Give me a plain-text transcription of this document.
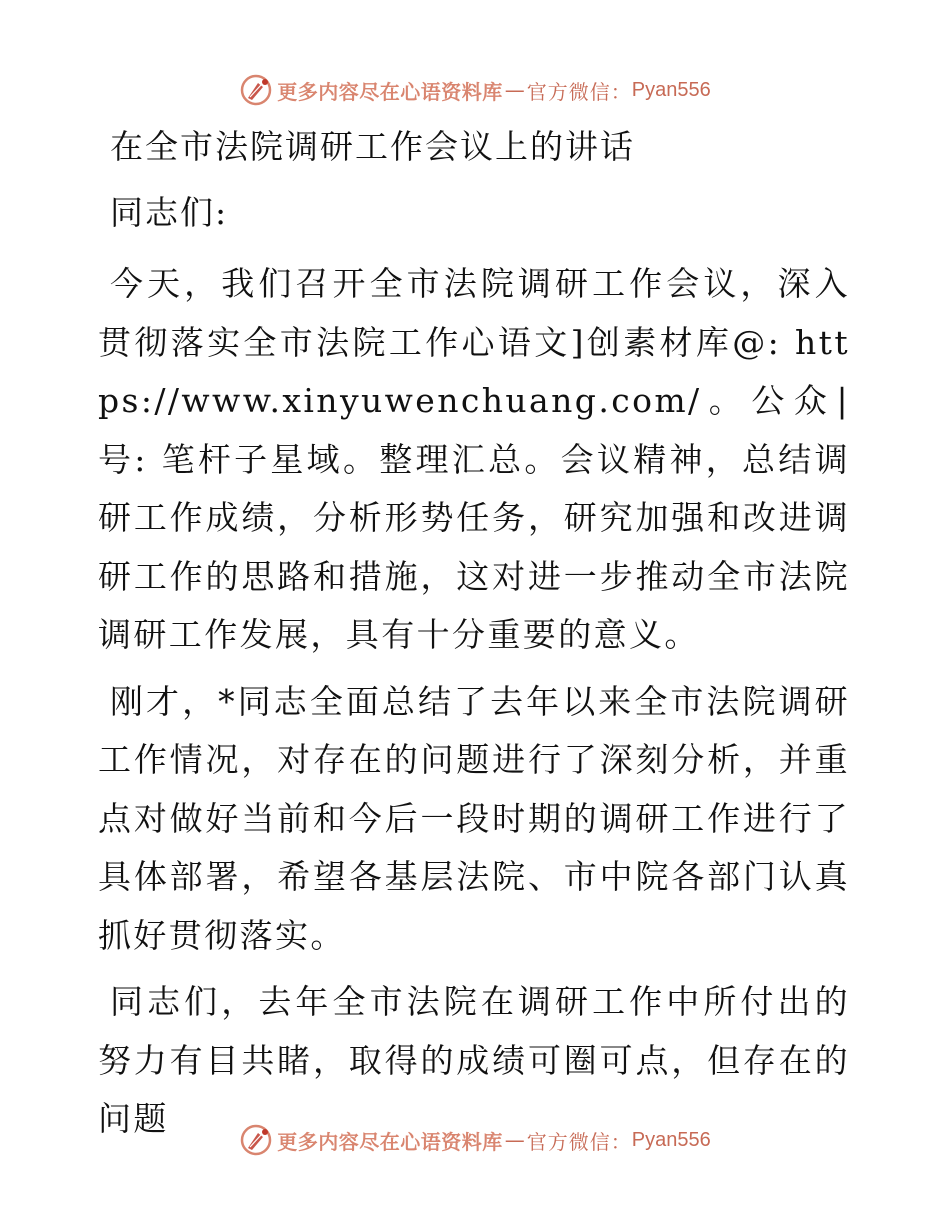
更多内容尽在心语资料库 — 官方微信： Pyan556
在全市法院调研工作会议上的讲话
同志们:

今天，我们召开全市法院调研工作会议，深入贯彻落实全市法院工作心语文]创素材库@: https://www.xinyuwenchuang.com/。公众|号: 笔杆子星域。整理汇总。会议精神，总结调研工作成绩，分析形势任务，研究加强和改进调研工作的思路和措施，这对进一步推动全市法院调研工作发展，具有十分重要的意义。

刚才，*同志全面总结了去年以来全市法院调研工作情况，对存在的问题进行了深刻分析，并重点对做好当前和今后一段时期的调研工作进行了具体部署，希望各基层法院、市中院各部门认真抓好贯彻落实。

同志们，去年全市法院在调研工作中所付出的努力有目共睹，取得的成绩可圈可点，但存在的问题

更多内容尽在心语资料库 — 官方微信： Pyan556
